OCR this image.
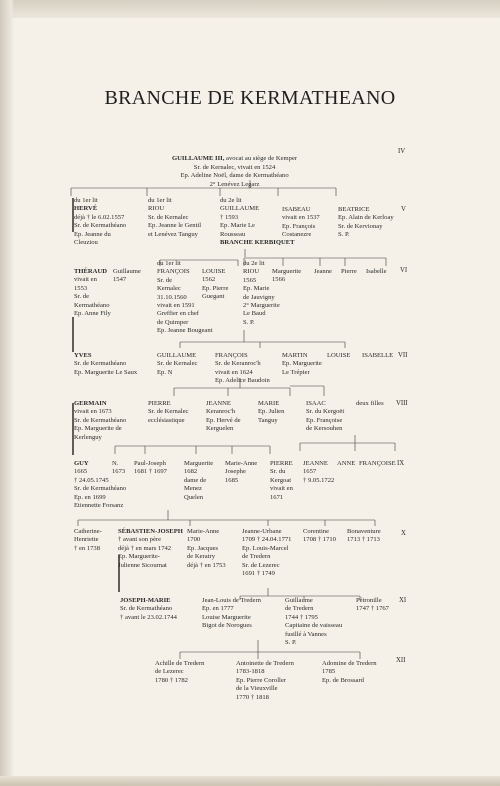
BRANCHE DE KERMATHEANO
IV
V
VI
VII
VIII
IX
X
XI
XII

GUILLAUME III, avocat au siège de Kemper
Sr. de Kernalec, vivait en 1524
Ep. Adeline Noël, dame de Kermathéano
2° Lenévez Legarz
du 1er lit
HERVÉ
déjà † le 6.02.1557
Sr. de Kermathéano
Ep. Jeanne du
Cleuziou
du 1er lit
RIOU
Sr. de Kernalec
Ep. Jeanne le Gentil
et Lenévez Tanguy
du 2e lit
GUILLAUME
† 1593
Ep. Marie Le
Rousseau
BRANCHE KERBIQUET
ISABEAU
vivait en 1537
Ep. François
Costanezre
BEATRICE
Ep. Alain de Kerloay
Sr. de Kervionay
S. P.
THÉRAUD
vivait en
1553
Sr. de
Kermathéano
Ep. Anne Fily
Guillaume
1547
du 1er lit
FRANÇOIS
Sr. de
Kernalec
31.10.1560
vivait en 1591
Greffier en chef
de Quimper
Ep. Jeanne Bougeant
LOUISE
1562
Ep. Pierre
Guegant
du 2e lit
RIOU
1565
Ep. Marie
de Jauvigny
2° Marguerite
Le Baud
S. P.
Marguerite
1566
Jeanne Pierre Isabelle
YVES
Sr. de Kermathéano
Ep. Marguerite Le Saux
GUILLAUME
Sr. de Kernalec
Ep. N
FRANÇOIS
Sr. de Keranroc'h
vivait en 1624
Ep. Adelice Baudoin
MARTIN
Ep. Marguerite
Le Trépier
LOUISE ISABELLE
GERMAIN
vivait en 1673
Sr. de Kermathéano
Ep. Marguerite de
Kerlenguy
PIERRE
Sr. de Kernalec
ecclésiastique
JEANNE
Keranroc'h
Ep. Hervé de
Kerguelen
MARIE
Ep. Julien
Tanguy
ISAAC
Sr. du Kergoët
Ep. Françoise
de Kersouhen
deux filles
GUY
1665
† 24.05.1745
Sr. de Kermathéano
Ep. en 1699
Etiennette Forsanz
N.
1673
Paul-Joseph
1681 † 1697
Marguerite
1682
dame de
Menez
Quelen
Marie-Anne
Josephe
1685
PIERRE
Sr. du
Kergoat
vivait en
1671
JEANNE
1657
† 9.05.1722
ANNE FRANÇOISE
Catherine-
Henriette
† en 1738
SÉBASTIEN-JOSEPH
† avant son père
déjà † en mars 1742
Ep. Marguerite-
Julienne Sicournat
Marie-Anne
1700
Ep. Jacques
de Keratry
déjà † en 1753
Jeanne-Urbane
1709 † 24.04.1771
Ep. Louis-Marcel
de Tredern
Sr. de Lezerec
1691 † 1749
Corentine
1708 † 1710
Bonaventure
1713 † 1713
JOSEPH-MARIE
Sr. de Kermathéano
† avant le 23.02.1744
Jean-Louis de Tredern
Ep. en 1777
Louise Marguerite
Bigot de Norogues
Guillaume
de Tredern
1744 † 1795
Capitaine de vaisseau
fusillé à Vannes
S. P.
Pétronille
1747 † 1767
Achille de Tredern
de Lezerec
1780 † 1782
Antoinette de Tredern
1783-1818
Ep. Pierre Coroller
de la Vieuxville
1770 † 1818
Adomine de Tredern
1785
Ep. de Brossard
